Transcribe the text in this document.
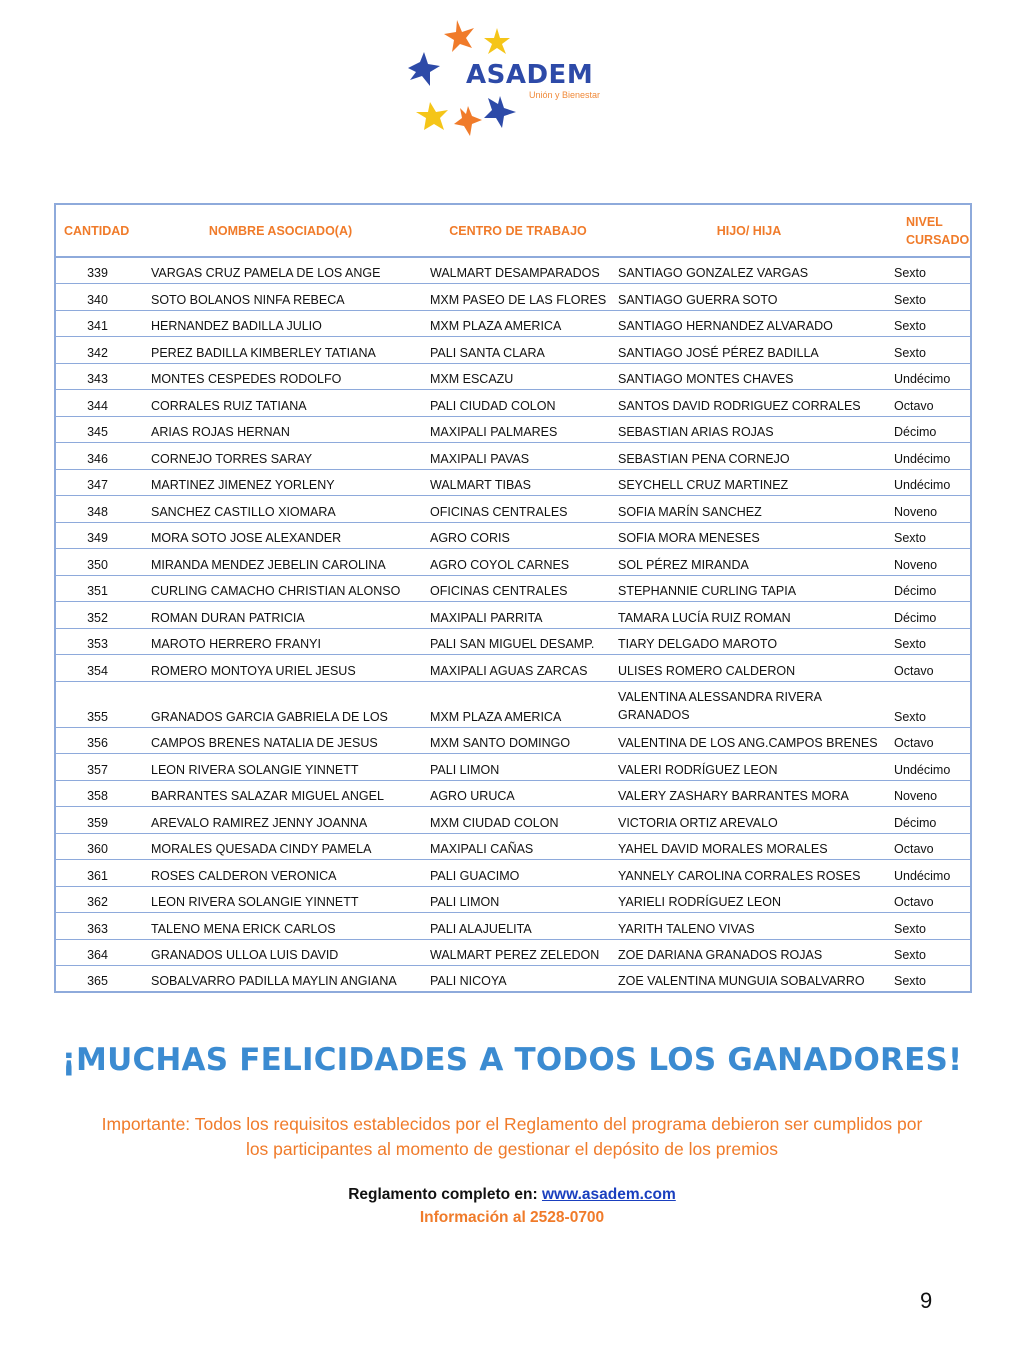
ASADEM
Unión y Bienestar
CANTIDAD	NOMBRE ASOCIADO(A)	CENTRO DE TRABAJO	HIJO/ HIJA	NIVEL CURSADO
339	VARGAS CRUZ PAMELA DE LOS ANGE	WALMART DESAMPARADOS	SANTIAGO GONZALEZ VARGAS	Sexto
340	SOTO BOLANOS NINFA REBECA	MXM PASEO DE LAS FLORES	SANTIAGO GUERRA SOTO	Sexto
341	HERNANDEZ BADILLA JULIO	MXM PLAZA AMERICA	SANTIAGO HERNANDEZ ALVARADO	Sexto
342	PEREZ BADILLA KIMBERLEY TATIANA	PALI SANTA CLARA	SANTIAGO JOSÉ PÉREZ BADILLA	Sexto
343	MONTES CESPEDES RODOLFO	MXM ESCAZU	SANTIAGO MONTES CHAVES	Undécimo
344	CORRALES RUIZ TATIANA	PALI CIUDAD COLON	SANTOS DAVID RODRIGUEZ CORRALES	Octavo
345	ARIAS ROJAS HERNAN	MAXIPALI PALMARES	SEBASTIAN ARIAS ROJAS	Décimo
346	CORNEJO TORRES SARAY	MAXIPALI PAVAS	SEBASTIAN PENA CORNEJO	Undécimo
347	MARTINEZ JIMENEZ YORLENY	WALMART TIBAS	SEYCHELL CRUZ MARTINEZ	Undécimo
348	SANCHEZ CASTILLO XIOMARA	OFICINAS CENTRALES	SOFIA MARÍN SANCHEZ	Noveno
349	MORA SOTO JOSE ALEXANDER	AGRO CORIS	SOFIA MORA MENESES	Sexto
350	MIRANDA MENDEZ JEBELIN CAROLINA	AGRO COYOL CARNES	SOL PÉREZ MIRANDA	Noveno
351	CURLING CAMACHO CHRISTIAN ALONSO	OFICINAS CENTRALES	STEPHANNIE CURLING TAPIA	Décimo
352	ROMAN DURAN PATRICIA	MAXIPALI PARRITA	TAMARA LUCÍA RUIZ ROMAN	Décimo
353	MAROTO HERRERO FRANYI	PALI SAN MIGUEL DESAMP.	TIARY DELGADO MAROTO	Sexto
354	ROMERO MONTOYA URIEL JESUS	MAXIPALI AGUAS ZARCAS	ULISES ROMERO CALDERON	Octavo
355	GRANADOS GARCIA GABRIELA DE LOS	MXM PLAZA AMERICA	VALENTINA ALESSANDRA RIVERA GRANADOS	Sexto
356	CAMPOS BRENES NATALIA DE JESUS	MXM SANTO DOMINGO	VALENTINA DE LOS ANG.CAMPOS BRENES	Octavo
357	LEON RIVERA SOLANGIE YINNETT	PALI LIMON	VALERI RODRÍGUEZ LEON	Undécimo
358	BARRANTES SALAZAR MIGUEL ANGEL	AGRO URUCA	VALERY ZASHARY BARRANTES MORA	Noveno
359	AREVALO RAMIREZ JENNY JOANNA	MXM CIUDAD COLON	VICTORIA ORTIZ AREVALO	Décimo
360	MORALES QUESADA CINDY PAMELA	MAXIPALI CAÑAS	YAHEL DAVID MORALES MORALES	Octavo
361	ROSES CALDERON VERONICA	PALI GUACIMO	YANNELY CAROLINA CORRALES ROSES	Undécimo
362	LEON RIVERA SOLANGIE YINNETT	PALI LIMON	YARIELI RODRÍGUEZ LEON	Octavo
363	TALENO MENA ERICK CARLOS	PALI ALAJUELITA	YARITH TALENO VIVAS	Sexto
364	GRANADOS ULLOA LUIS DAVID	WALMART PEREZ ZELEDON	ZOE DARIANA GRANADOS ROJAS	Sexto
365	SOBALVARRO PADILLA MAYLIN ANGIANA	PALI NICOYA	ZOE VALENTINA MUNGUIA SOBALVARRO	Sexto
¡MUCHAS FELICIDADES A TODOS LOS GANADORES!
Importante: Todos los requisitos establecidos por el Reglamento del programa debieron ser cumplidos por los participantes al momento de gestionar el depósito de los premios
Reglamento completo en: www.asadem.com
Información al 2528-0700
9
